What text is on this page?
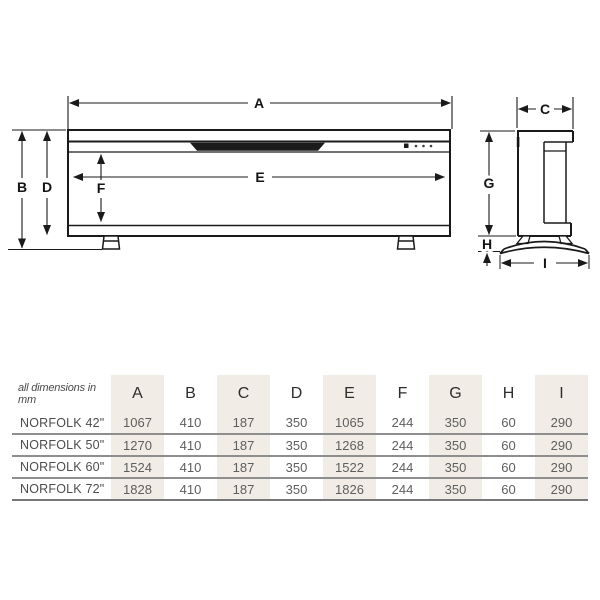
A
B
C
D
E
F	G
H
I
all dimensions in mm	A	B	C	D	E	F	G	H	I
NORFOLK 42"	1067	410	187	350	1065	244	350	60	290
NORFOLK 50"	1270	410	187	350	1268	244	350	60	290
NORFOLK 60"	1524	410	187	350	1522	244	350	60	290
NORFOLK 72"	1828	410	187	350	1826	244	350	60	290
